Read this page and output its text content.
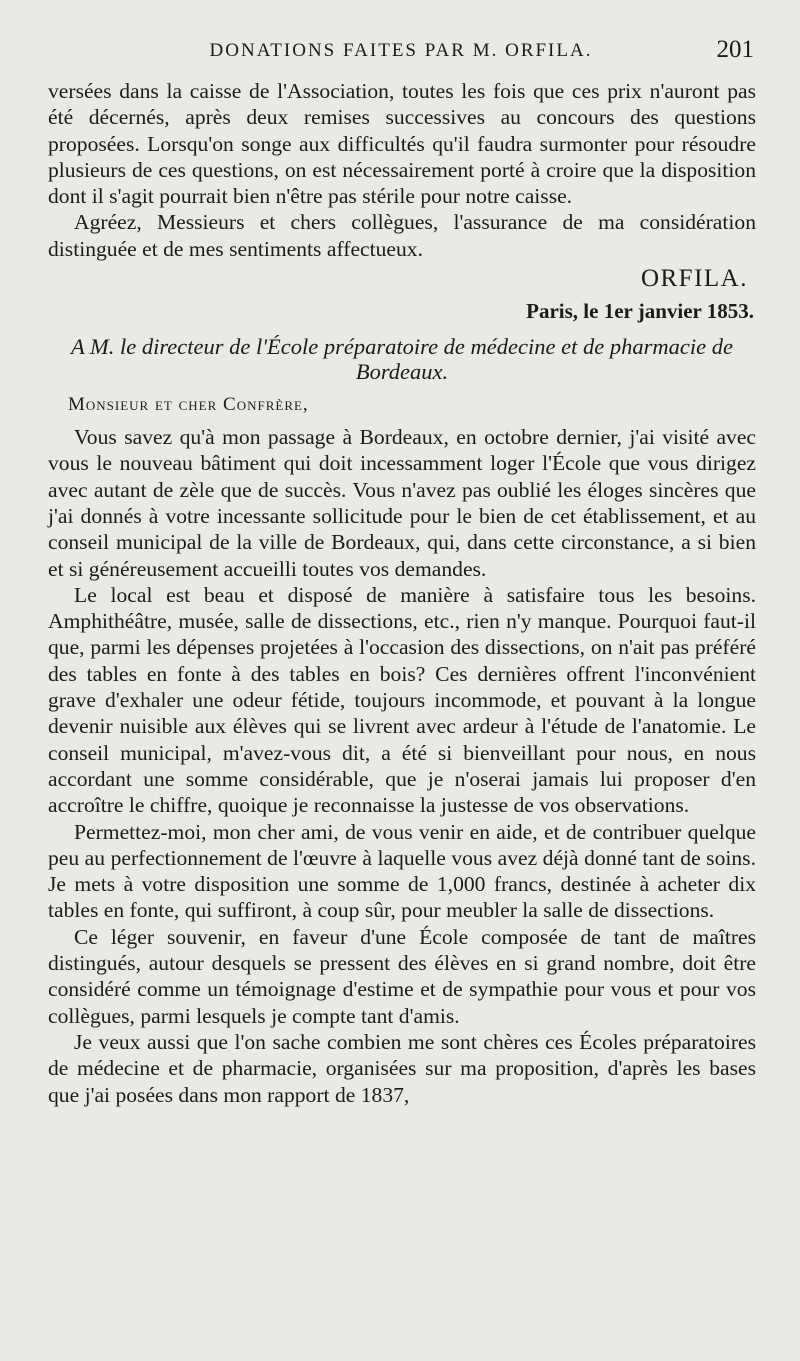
DONATIONS FAITES PAR M. ORFILA.	201

versées dans la caisse de l'Association, toutes les fois que ces prix n'auront pas été décernés, après deux remises successives au concours des questions proposées. Lorsqu'on songe aux difficultés qu'il faudra surmonter pour résoudre plusieurs de ces questions, on est nécessairement porté à croire que la disposition dont il s'agit pourrait bien n'être pas stérile pour notre caisse.

Agréez, Messieurs et chers collègues, l'assurance de ma considération distinguée et de mes sentiments affectueux.

ORFILA.
Paris, le 1er janvier 1853.
A M. le directeur de l'École préparatoire de médecine et de pharmacie de Bordeaux.
Monsieur et cher Confrère,

Vous savez qu'à mon passage à Bordeaux, en octobre dernier, j'ai visité avec vous le nouveau bâtiment qui doit incessamment loger l'École que vous dirigez avec autant de zèle que de succès. Vous n'avez pas oublié les éloges sincères que j'ai donnés à votre incessante sollicitude pour le bien de cet établissement, et au conseil municipal de la ville de Bordeaux, qui, dans cette circonstance, a si bien et si généreusement accueilli toutes vos demandes.

Le local est beau et disposé de manière à satisfaire tous les besoins. Amphithéâtre, musée, salle de dissections, etc., rien n'y manque. Pourquoi faut-il que, parmi les dépenses projetées à l'occasion des dissections, on n'ait pas préféré des tables en fonte à des tables en bois? Ces dernières offrent l'inconvénient grave d'exhaler une odeur fétide, toujours incommode, et pouvant à la longue devenir nuisible aux élèves qui se livrent avec ardeur à l'étude de l'anatomie. Le conseil municipal, m'avez-vous dit, a été si bienveillant pour nous, en nous accordant une somme considérable, que je n'oserai jamais lui proposer d'en accroître le chiffre, quoique je reconnaisse la justesse de vos observations.

Permettez-moi, mon cher ami, de vous venir en aide, et de contribuer quelque peu au perfectionnement de l'œuvre à laquelle vous avez déjà donné tant de soins. Je mets à votre disposition une somme de 1,000 francs, destinée à acheter dix tables en fonte, qui suffiront, à coup sûr, pour meubler la salle de dissections.

Ce léger souvenir, en faveur d'une École composée de tant de maîtres distingués, autour desquels se pressent des élèves en si grand nombre, doit être considéré comme un témoignage d'estime et de sympathie pour vous et pour vos collègues, parmi lesquels je compte tant d'amis.

Je veux aussi que l'on sache combien me sont chères ces Écoles préparatoires de médecine et de pharmacie, organisées sur ma proposition, d'après les bases que j'ai posées dans mon rapport de 1837,
